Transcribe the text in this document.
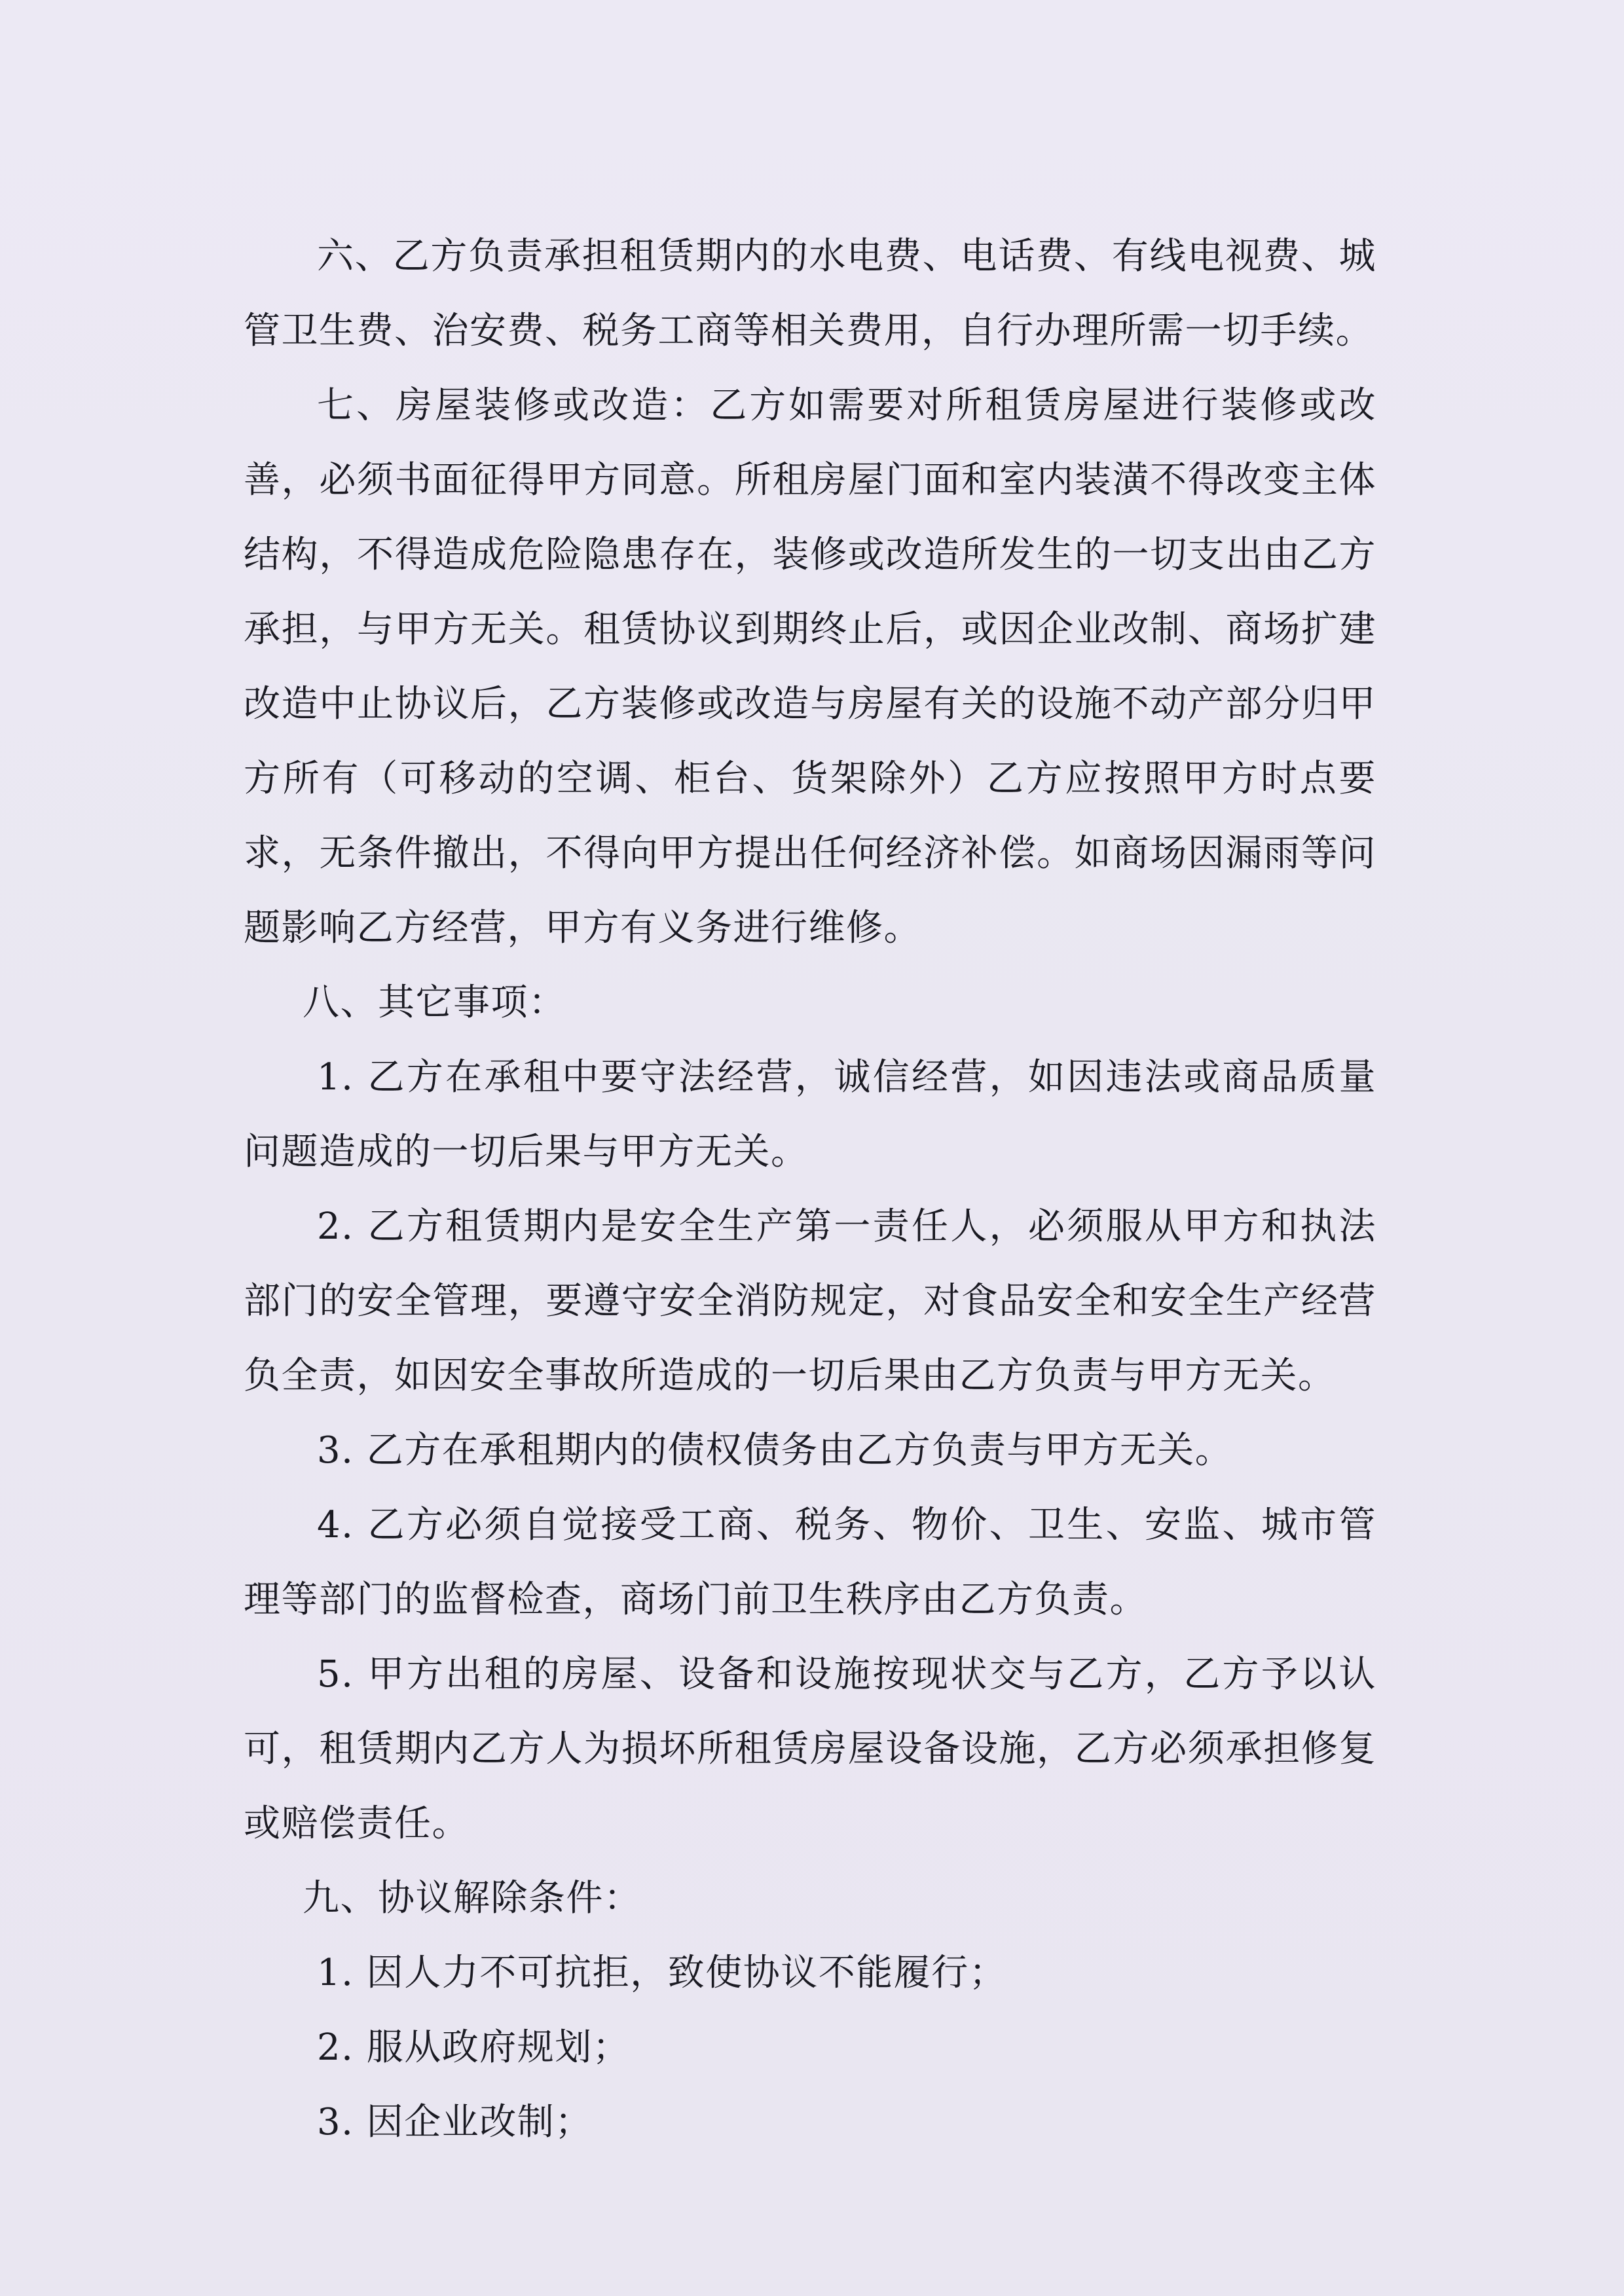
六、乙方负责承担租赁期内的水电费、电话费、有线电视费、城管卫生费、治安费、税务工商等相关费用，自行办理所需一切手续。

七、房屋装修或改造：乙方如需要对所租赁房屋进行装修或改善，必须书面征得甲方同意。所租房屋门面和室内装潢不得改变主体结构，不得造成危险隐患存在，装修或改造所发生的一切支出由乙方承担，与甲方无关。租赁协议到期终止后，或因企业改制、商场扩建改造中止协议后，乙方装修或改造与房屋有关的设施不动产部分归甲方所有（可移动的空调、柜台、货架除外）乙方应按照甲方时点要求，无条件撤出，不得向甲方提出任何经济补偿。如商场因漏雨等问题影响乙方经营，甲方有义务进行维修。

八、其它事项：

1. 乙方在承租中要守法经营，诚信经营，如因违法或商品质量问题造成的一切后果与甲方无关。

2. 乙方租赁期内是安全生产第一责任人，必须服从甲方和执法部门的安全管理，要遵守安全消防规定，对食品安全和安全生产经营负全责，如因安全事故所造成的一切后果由乙方负责与甲方无关。

3. 乙方在承租期内的债权债务由乙方负责与甲方无关。

4. 乙方必须自觉接受工商、税务、物价、卫生、安监、城市管理等部门的监督检查，商场门前卫生秩序由乙方负责。

5. 甲方出租的房屋、设备和设施按现状交与乙方，乙方予以认可，租赁期内乙方人为损坏所租赁房屋设备设施，乙方必须承担修复或赔偿责任。

九、协议解除条件：

1. 因人力不可抗拒，致使协议不能履行；

2. 服从政府规划；

3. 因企业改制；
